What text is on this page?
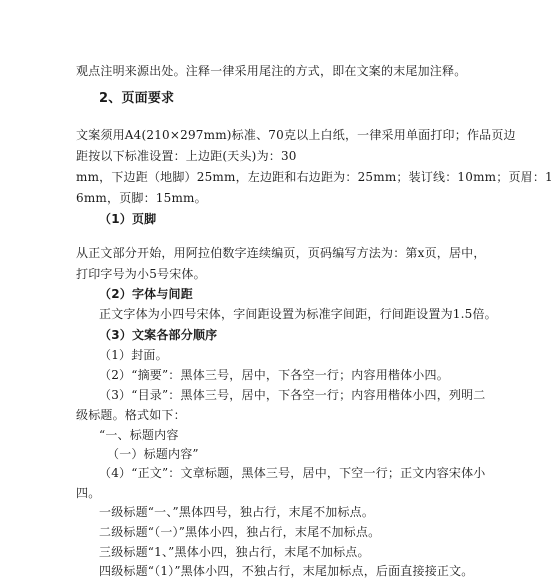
观点注明来源出处。注释一律采用尾注的方式，即在文案的末尾加注释。
2、页面要求
文案须用A4(210×297mm)标准、70克以上白纸，一律采用单面打印；作品页边
距按以下标准设置：上边距(天头)为：30
mm，下边距（地脚）25mm，左边距和右边距为：25mm；装订线：10mm；页眉：1
6mm，页脚：15mm。
（1）页脚
从正文部分开始，用阿拉伯数字连续编页，页码编写方法为：第x页，居中，
打印字号为小5号宋体。
（2）字体与间距
正文字体为小四号宋体，字间距设置为标准字间距，行间距设置为1.5倍。
（3）文案各部分顺序
（1）封面。
（2）“摘要”：黑体三号，居中，下各空一行；内容用楷体小四。
（3）“目录”：黑体三号，居中，下各空一行；内容用楷体小四，列明二
级标题。格式如下：
“一、标题内容
（一）标题内容”
（4）“正文”：文章标题，黑体三号，居中，下空一行；正文内容宋体小
四。
一级标题“一、”黑体四号，独占行，末尾不加标点。
二级标题“（一）”黑体小四，独占行，末尾不加标点。
三级标题“1、”黑体小四，独占行，末尾不加标点。
四级标题“（1）”黑体小四，不独占行，末尾加标点，后面直接接正文。
